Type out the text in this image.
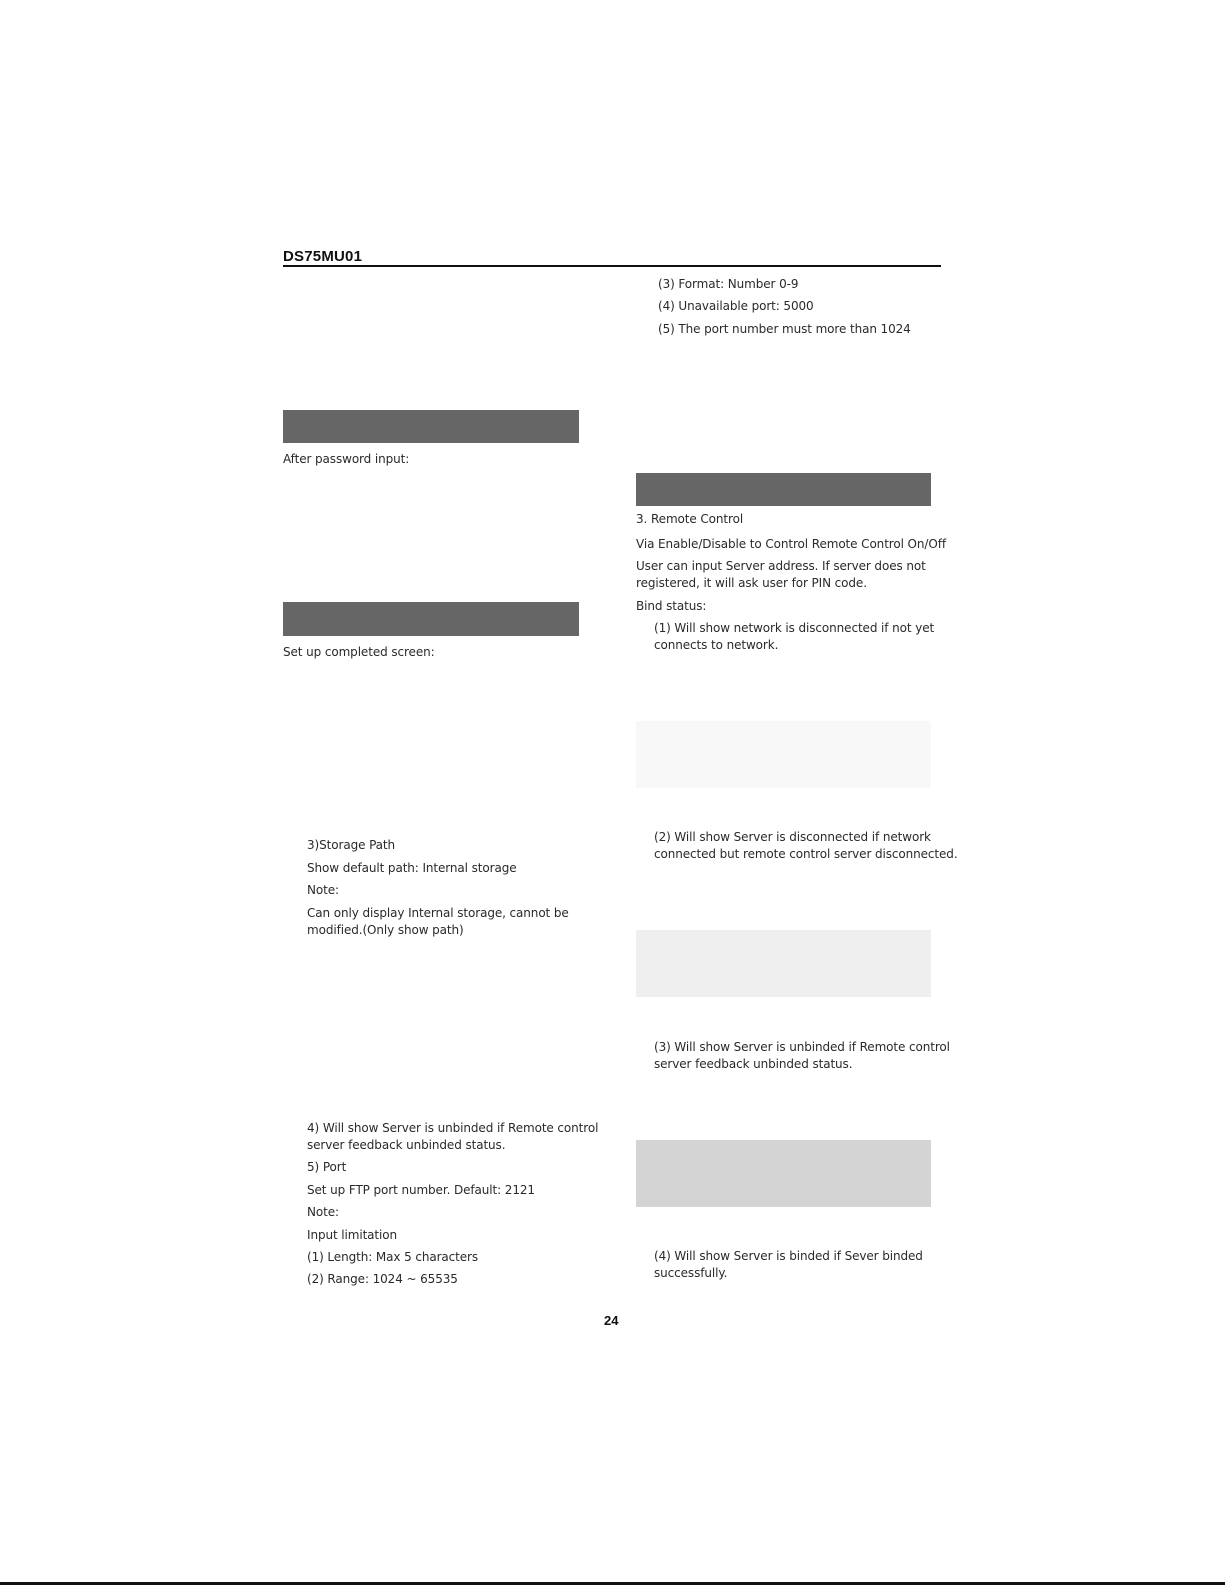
DS75MU01
(3) Format: Number 0-9
(4) Unavailable port: 5000
(5) The port number must more than 1024
After password input:
Set up completed screen:
3)Storage Path
Show default path: Internal storage
Note:
Can only display Internal storage, cannot be
modified.(Only show path)
4) Will show Server is unbinded if Remote control
server feedback unbinded status.
5) Port
Set up FTP port number. Default: 2121
Note:
Input limitation
(1) Length: Max 5 characters
(2) Range: 1024 ~ 65535
3. Remote Control
Via Enable/Disable to Control Remote Control On/Off
User can input Server address. If server does not
registered, it will ask user for PIN code.
Bind status:
(1) Will show network is disconnected if not yet
connects to network.
(2) Will show Server is disconnected if network
connected but remote control server disconnected.
(3) Will show Server is unbinded if Remote control
server feedback unbinded status.
(4) Will show Server is binded if Sever binded
successfully.
24
